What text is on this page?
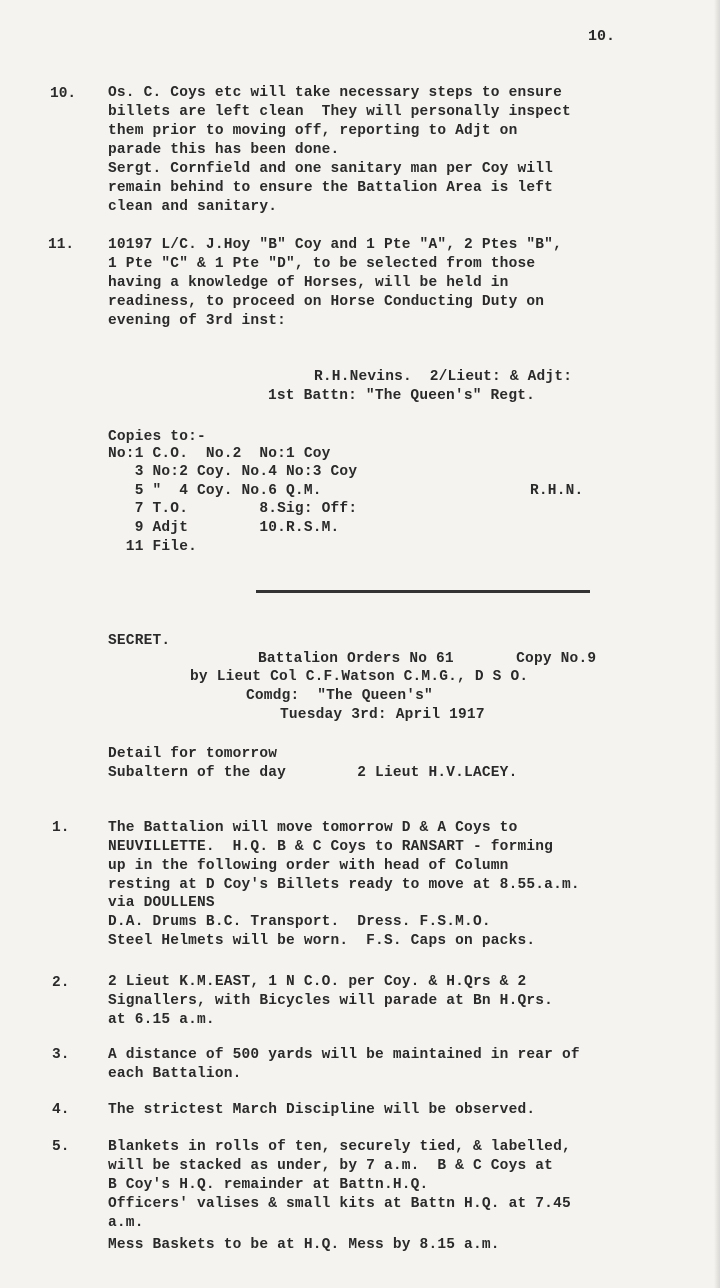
10.
10. Os. C. Coys etc will take necessary steps to ensure
billets are left clean  They will personally inspect
them prior to moving off, reporting to Adjt on
parade this has been done.
Sergt. Cornfield and one sanitary man per Coy will
remain behind to ensure the Battalion Area is left
clean and sanitary.
11. 10197 L/C. J.Hoy "B" Coy and 1 Pte "A", 2 Ptes "B",
1 Pte "C" & 1 Pte "D", to be selected from those
having a knowledge of Horses, will be held in
readiness, to proceed on Horse Conducting Duty on
evening of 3rd inst:
R.H.Nevins.  2/Lieut: & Adjt:
1st Battn: "The Queen's" Regt.
Copies to:-
No:1 C.O.  No.2  No:1 Coy
3 No:2 Coy. No.4 No:3 Coy
5 "  4 Coy. No.6 Q.M.
7 T.O.        8.Sig: Off:
9 Adjt        10.R.S.M.
11 File.
R.H.N.
SECRET.
Battalion Orders No 61       Copy No.9
by Lieut Col C.F.Watson C.M.G., D S O.
Comdg:  "The Queen's"
Tuesday 3rd: April 1917
Detail for tomorrow
Subaltern of the day        2 Lieut H.V.LACEY.
1.	The Battalion will move tomorrow D & A Coys to
NEUVILLETTE.  H.Q. B & C Coys to RANSART - forming
up in the following order with head of Column
resting at D Coy's Billets ready to move at 8.55.a.m.
via DOULLENS
D.A. Drums B.C. Transport.  Dress. F.S.M.O.
Steel Helmets will be worn.  F.S. Caps on packs.
2.	2 Lieut K.M.EAST, 1 N C.O. per Coy. & H.Qrs & 2
Signallers, with Bicycles will parade at Bn H.Qrs.
at 6.15 a.m.
3.	A distance of 500 yards will be maintained in rear of
each Battalion.
4.	The strictest March Discipline will be observed.
5.	Blankets in rolls of ten, securely tied, & labelled,
will be stacked as under, by 7 a.m.  B & C Coys at
B Coy's H.Q. remainder at Battn.H.Q.
Officers' valises & small kits at Battn H.Q. at 7.45
a.m.
Mess Baskets to be at H.Q. Mess by 8.15 a.m.
